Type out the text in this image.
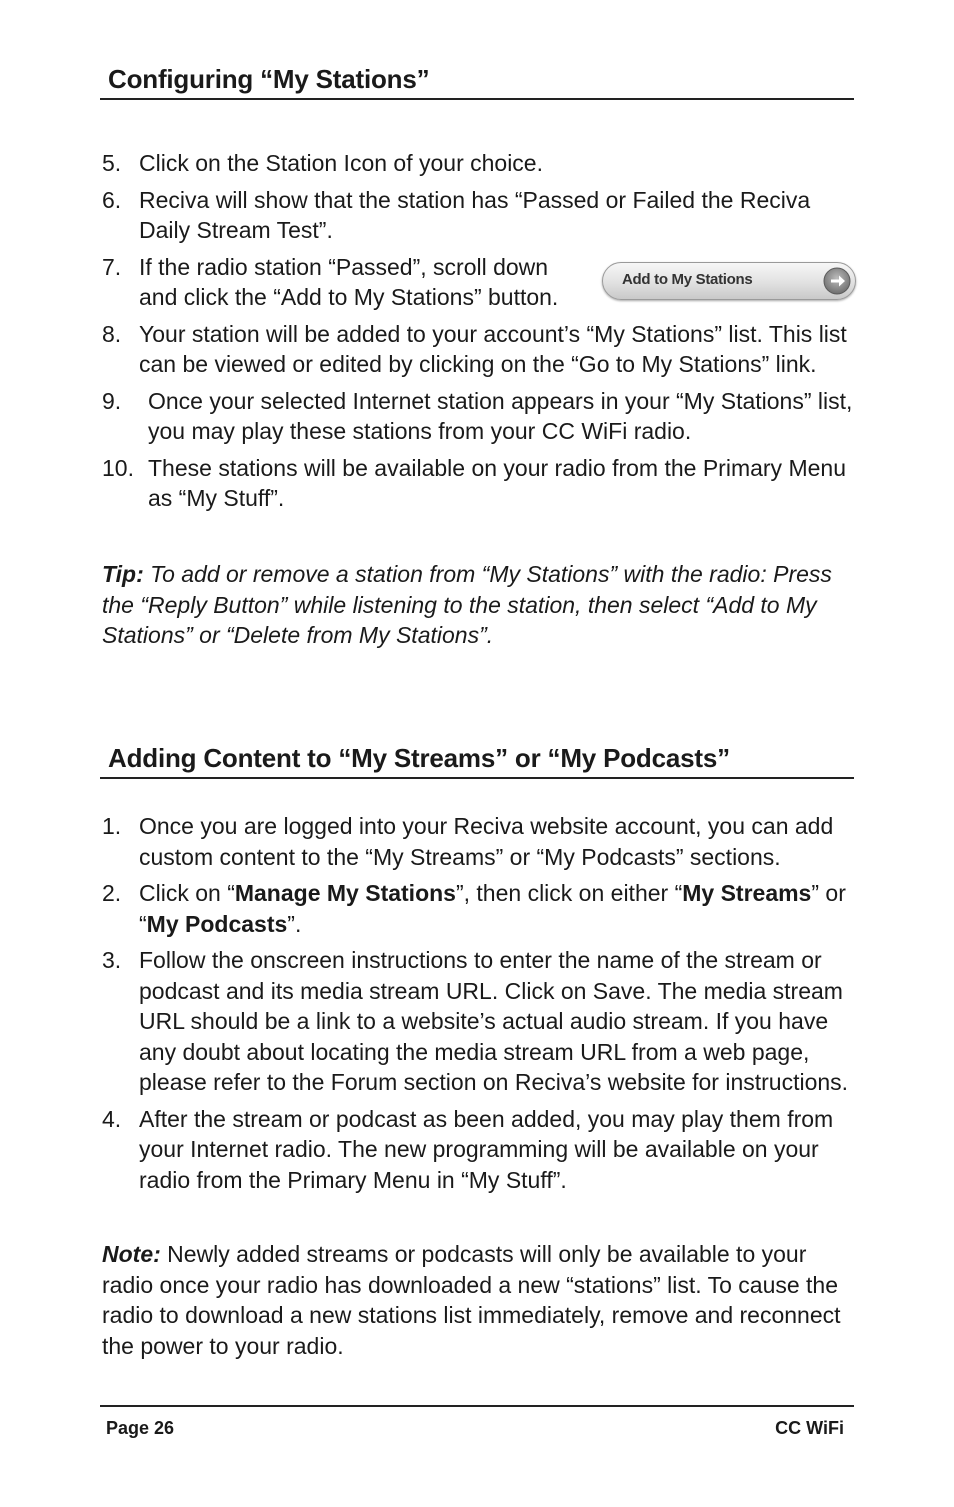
Configuring “My Stations”
5. Click on the Station Icon of your choice.
6. Reciva will show that the station has “Passed or Failed the Reciva Daily Stream Test”.
7. If the radio station “Passed”, scroll down and click the “Add to My Stations” button.
8. Your station will be added to your account’s “My Stations” list. This list can be viewed or edited by clicking on the “Go to My Stations” link.
9.	Once your selected Internet station appears in your “My Stations” list, you may play these stations from your CC WiFi radio.
10. These stations will be available on your radio from the Primary Menu as “My Stuff”.
Add to My Stations

Tip: To add or remove a station from “My Stations” with the radio: Press the “Reply Button” while listening to the station, then select “Add to My Stations” or “Delete from My Stations”.

Adding Content to “My Streams” or “My Podcasts”
1. Once you are logged into your Reciva website account, you can add custom content to the “My Streams” or “My Podcasts” sections.
2. Click on “Manage My Stations”, then click on either “My Streams” or “My Podcasts”.
3. Follow the onscreen instructions to enter the name of the stream or podcast and its media stream URL. Click on Save. The media stream URL should be a link to a website’s actual audio stream. If you have any doubt about locating the media stream URL from a web page, please refer to the Forum section on Reciva’s website for instructions.
4. After the stream or podcast as been added, you may play them from your Internet radio. The new programming will be available on your radio from the Primary Menu in “My Stuff”.

Note: Newly added streams or podcasts will only be available to your radio once your radio has downloaded a new “stations” list. To cause the radio to download a new stations list immediately, remove and reconnect the power to your radio.

Page 26	CC WiFi
